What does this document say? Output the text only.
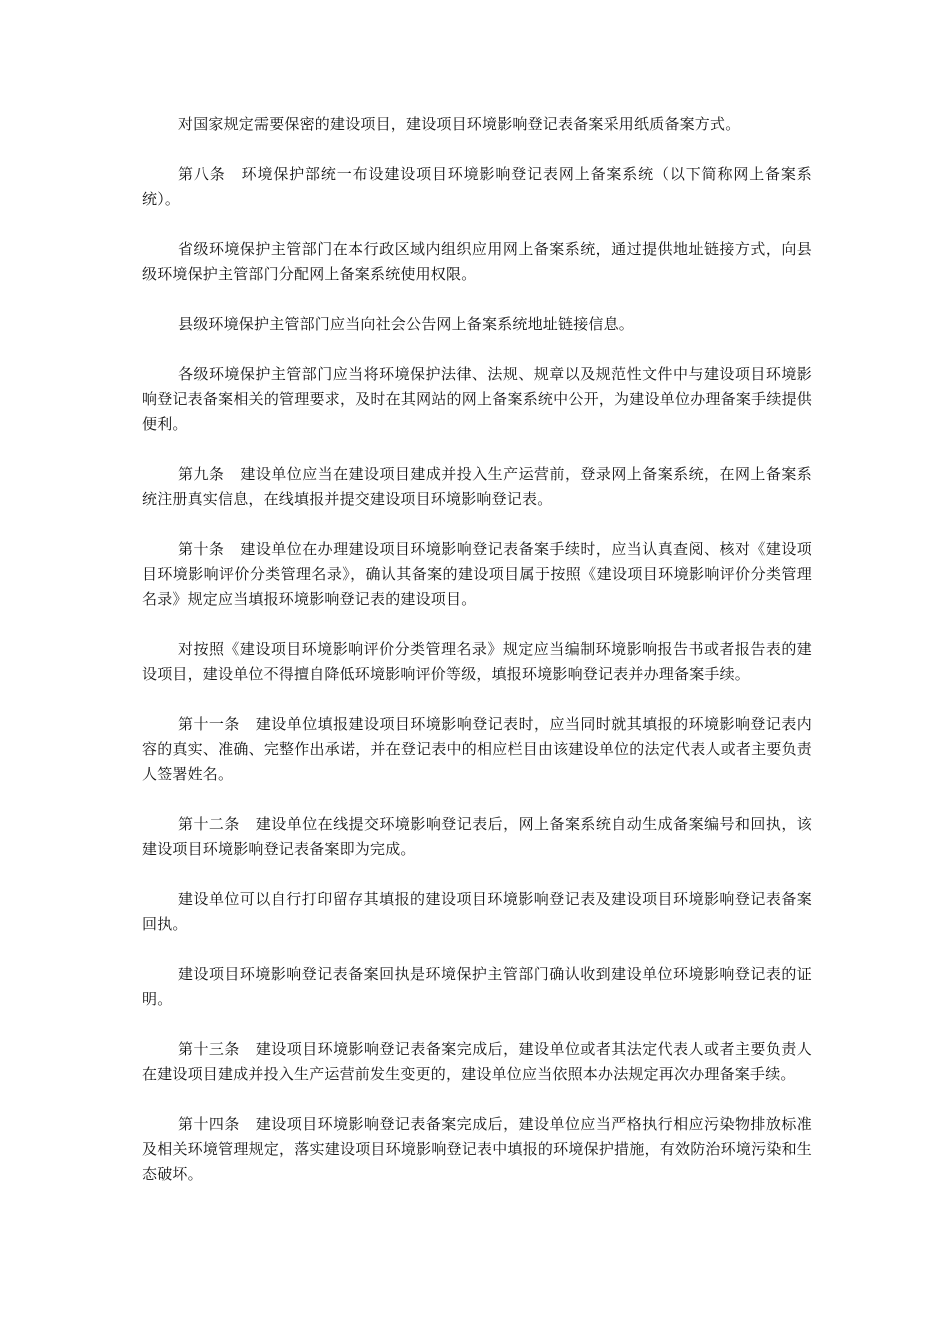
对国家规定需要保密的建设项目，建设项目环境影响登记表备案采用纸质备案方式。

第八条 环境保护部统一布设建设项目环境影响登记表网上备案系统（以下简称网上备案系统）。

省级环境保护主管部门在本行政区域内组织应用网上备案系统，通过提供地址链接方式，向县级环境保护主管部门分配网上备案系统使用权限。

县级环境保护主管部门应当向社会公告网上备案系统地址链接信息。

各级环境保护主管部门应当将环境保护法律、法规、规章以及规范性文件中与建设项目环境影响登记表备案相关的管理要求，及时在其网站的网上备案系统中公开，为建设单位办理备案手续提供便利。

第九条 建设单位应当在建设项目建成并投入生产运营前，登录网上备案系统，在网上备案系统注册真实信息，在线填报并提交建设项目环境影响登记表。

第十条 建设单位在办理建设项目环境影响登记表备案手续时，应当认真查阅、核对《建设项目环境影响评价分类管理名录》，确认其备案的建设项目属于按照《建设项目环境影响评价分类管理名录》规定应当填报环境影响登记表的建设项目。

对按照《建设项目环境影响评价分类管理名录》规定应当编制环境影响报告书或者报告表的建设项目，建设单位不得擅自降低环境影响评价等级，填报环境影响登记表并办理备案手续。

第十一条 建设单位填报建设项目环境影响登记表时，应当同时就其填报的环境影响登记表内容的真实、准确、完整作出承诺，并在登记表中的相应栏目由该建设单位的法定代表人或者主要负责人签署姓名。

第十二条 建设单位在线提交环境影响登记表后，网上备案系统自动生成备案编号和回执，该建设项目环境影响登记表备案即为完成。

建设单位可以自行打印留存其填报的建设项目环境影响登记表及建设项目环境影响登记表备案回执。

建设项目环境影响登记表备案回执是环境保护主管部门确认收到建设单位环境影响登记表的证明。

第十三条 建设项目环境影响登记表备案完成后，建设单位或者其法定代表人或者主要负责人在建设项目建成并投入生产运营前发生变更的，建设单位应当依照本办法规定再次办理备案手续。

第十四条 建设项目环境影响登记表备案完成后，建设单位应当严格执行相应污染物排放标准及相关环境管理规定，落实建设项目环境影响登记表中填报的环境保护措施，有效防治环境污染和生态破坏。
